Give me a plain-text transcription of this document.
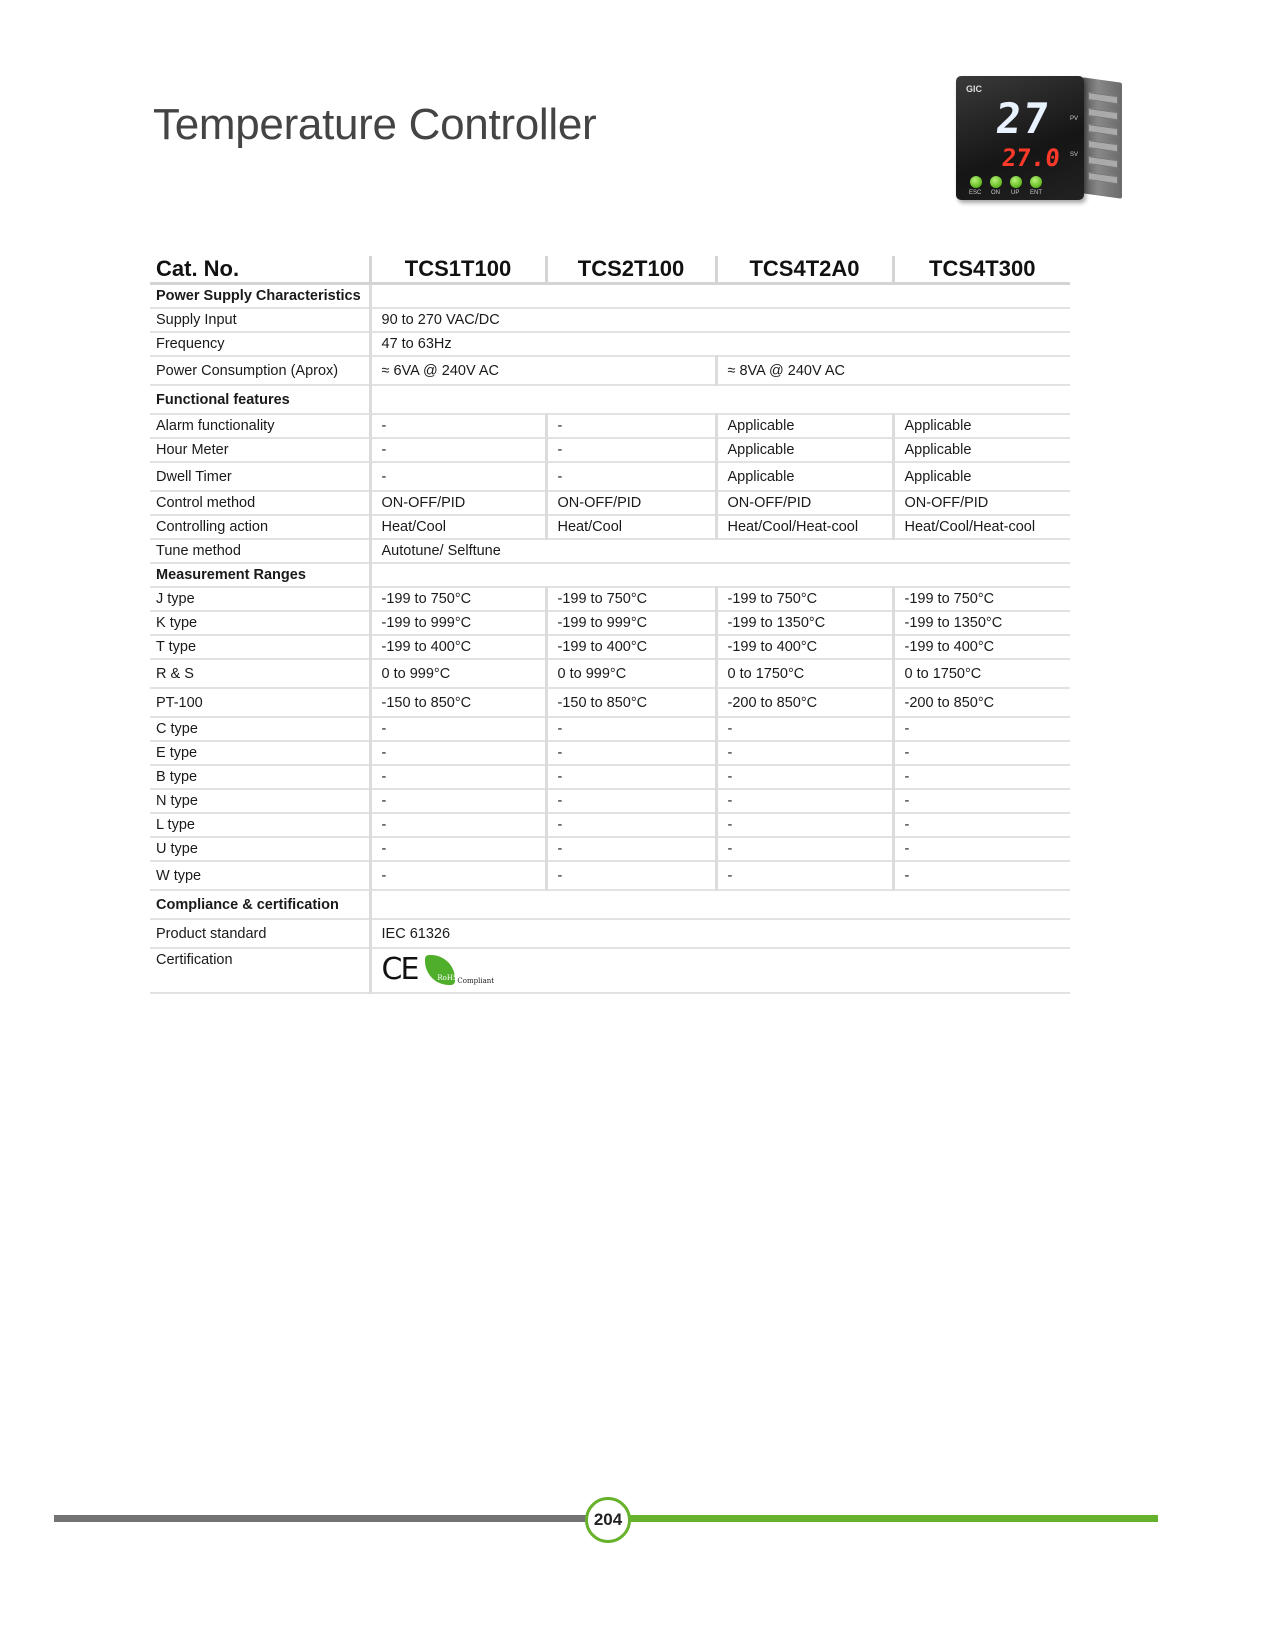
Temperature Controller
GIC
27	PV
27.0 SV
ESC ON UP ENT
Cat. No.	TCS1T100	TCS2T100	TCS4T2A0	TCS4T300
Power Supply Characteristics				
Supply Input	90 to 270 VAC/DC			
Frequency	47 to 63Hz			
Power Consumption (Aprox)	≈ 6VA @ 240V AC		≈ 8VA @ 240V AC	
Functional features				
Alarm functionality	-	-	Applicable	Applicable
Hour Meter	-	-	Applicable	Applicable
Dwell Timer	-	-	Applicable	Applicable
Control method	ON-OFF/PID	ON-OFF/PID	ON-OFF/PID	ON-OFF/PID
Controlling action	Heat/Cool	Heat/Cool	Heat/Cool/Heat-cool	Heat/Cool/Heat-cool
Tune method	Autotune/ Selftune			
Measurement Ranges				
J type	-199 to 750°C	-199 to 750°C	-199 to 750°C	-199 to 750°C
K type	-199 to 999°C	-199 to 999°C	-199 to 1350°C	-199 to 1350°C
T type	-199 to 400°C	-199 to 400°C	-199 to 400°C	-199 to 400°C
R & S	0 to 999°C	0 to 999°C	0 to 1750°C	0 to 1750°C
PT-100	-150 to 850°C	-150 to 850°C	-200 to 850°C	-200 to 850°C
C type	-	-	-	-
E type	-	-	-	-
B type	-	-	-	-
N type	-	-	-	-
L type	-	-	-	-
U type	-	-	-	-
W type	-	-	-	-
Compliance & certification				
Product standard	IEC 61326			
Certification	CE RoHS Compliant			
204
